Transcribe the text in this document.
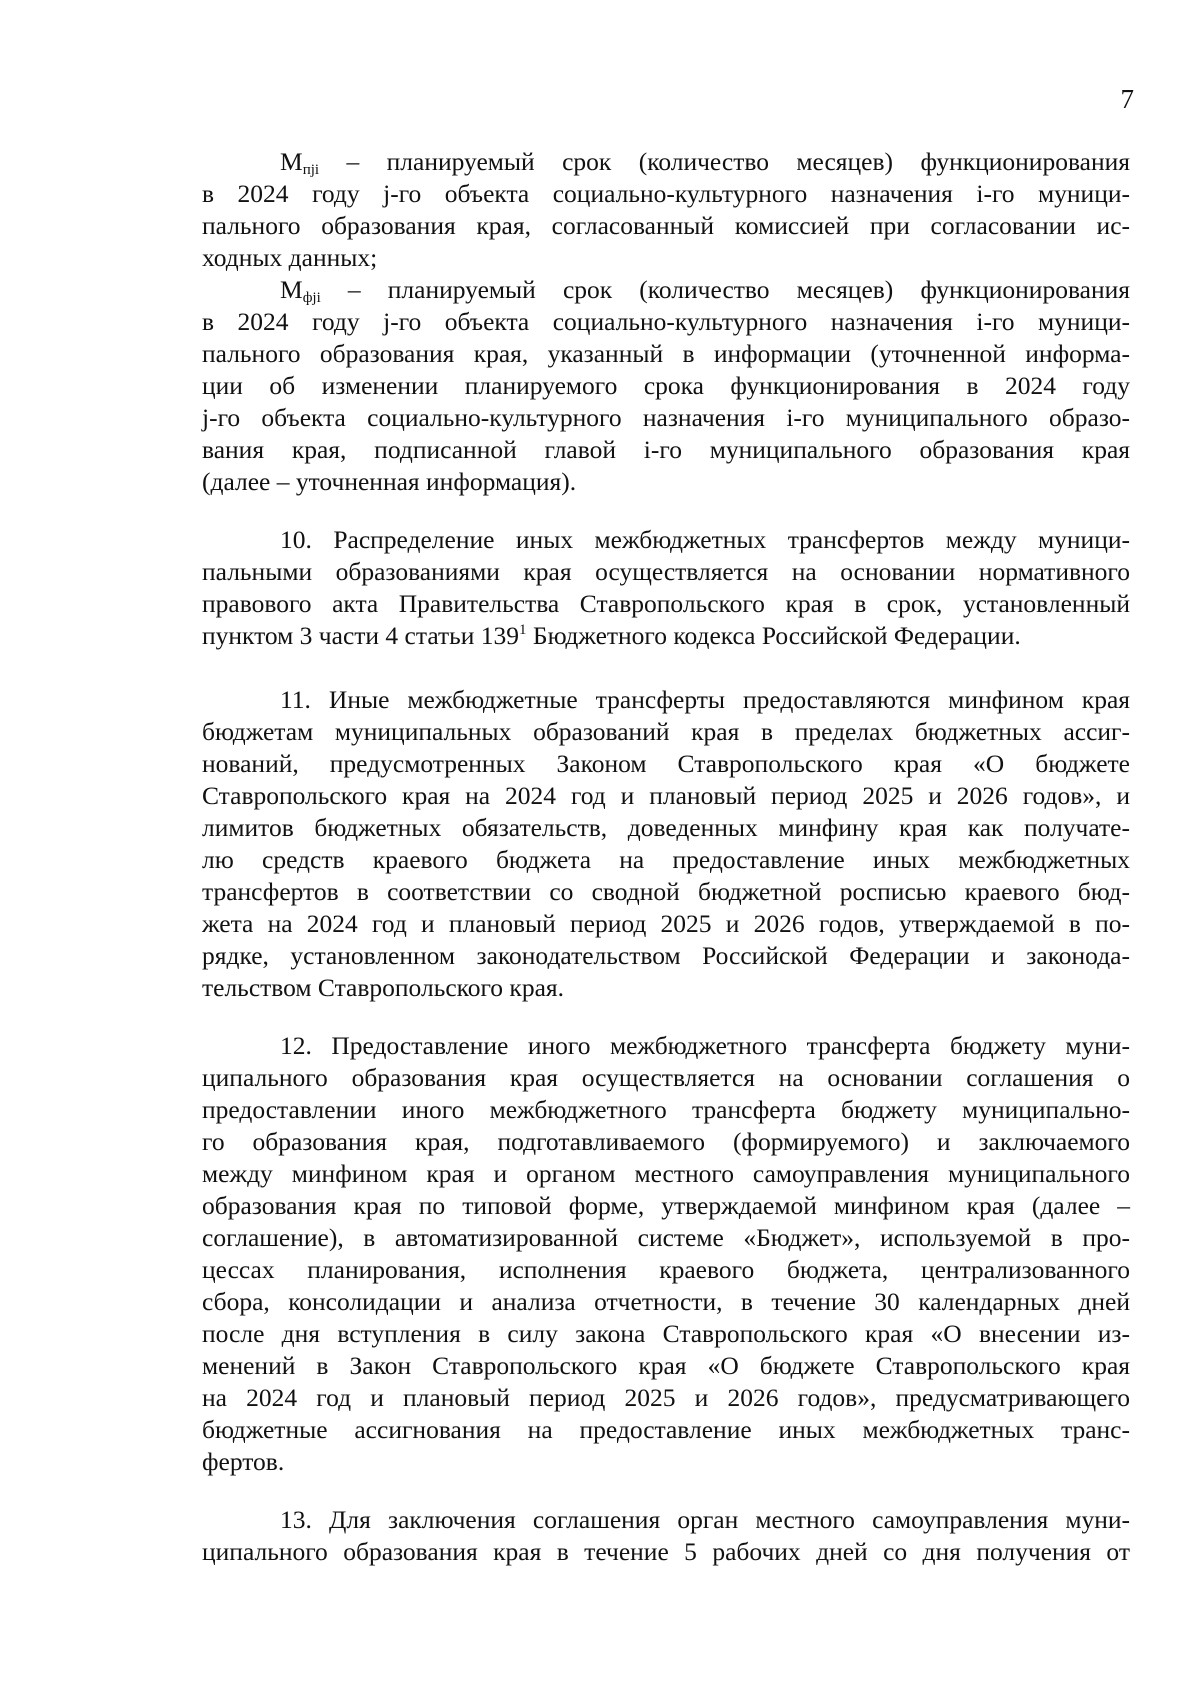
7
$M_{пji}$ – планируемый срок (количество месяцев) функционирования
в 2024 году j-го объекта социально-культурного назначения i-го муници-
пального образования края, согласованный комиссией при согласовании ис-
ходных данных;
$M_{фji}$ – планируемый срок (количество месяцев) функционирования
в 2024 году j-го объекта социально-культурного назначения i-го муници-
пального образования края, указанный в информации (уточненной информа-
ции об изменении планируемого срока функционирования в 2024 году
j-го объекта социально-культурного назначения i-го муниципального образо-
вания края, подписанной главой i-го муниципального образования края
(далее – уточненная информация).
10. Распределение иных межбюджетных трансфертов между муници-
пальными образованиями края осуществляется на основании нормативного
правового акта Правительства Ставропольского края в срок, установленный
пунктом 3 части 4 статьи $139^1$ Бюджетного кодекса Российской Федерации.
11. Иные межбюджетные трансферты предоставляются минфином края
бюджетам муниципальных образований края в пределах бюджетных ассиг-
нований, предусмотренных Законом Ставропольского края «О бюджете
Ставропольского края на 2024 год и плановый период 2025 и 2026 годов», и
лимитов бюджетных обязательств, доведенных минфину края как получате-
лю средств краевого бюджета на предоставление иных межбюджетных
трансфертов в соответствии со сводной бюджетной росписью краевого бюд-
жета на 2024 год и плановый период 2025 и 2026 годов, утверждаемой в по-
рядке, установленном законодательством Российской Федерации и законода-
тельством Ставропольского края.
12. Предоставление иного межбюджетного трансферта бюджету муни-
ципального образования края осуществляется на основании соглашения о
предоставлении иного межбюджетного трансферта бюджету муниципально-
го образования края, подготавливаемого (формируемого) и заключаемого
между минфином края и органом местного самоуправления муниципального
образования края по типовой форме, утверждаемой минфином края (далее –
соглашение), в автоматизированной системе «Бюджет», используемой в про-
цессах планирования, исполнения краевого бюджета, централизованного
сбора, консолидации и анализа отчетности, в течение 30 календарных дней
после дня вступления в силу закона Ставропольского края «О внесении из-
менений в Закон Ставропольского края «О бюджете Ставропольского края
на 2024 год и плановый период 2025 и 2026 годов», предусматривающего
бюджетные ассигнования на предоставление иных межбюджетных транс-
фертов.
13. Для заключения соглашения орган местного самоуправления муни-
ципального образования края в течение 5 рабочих дней со дня получения от
